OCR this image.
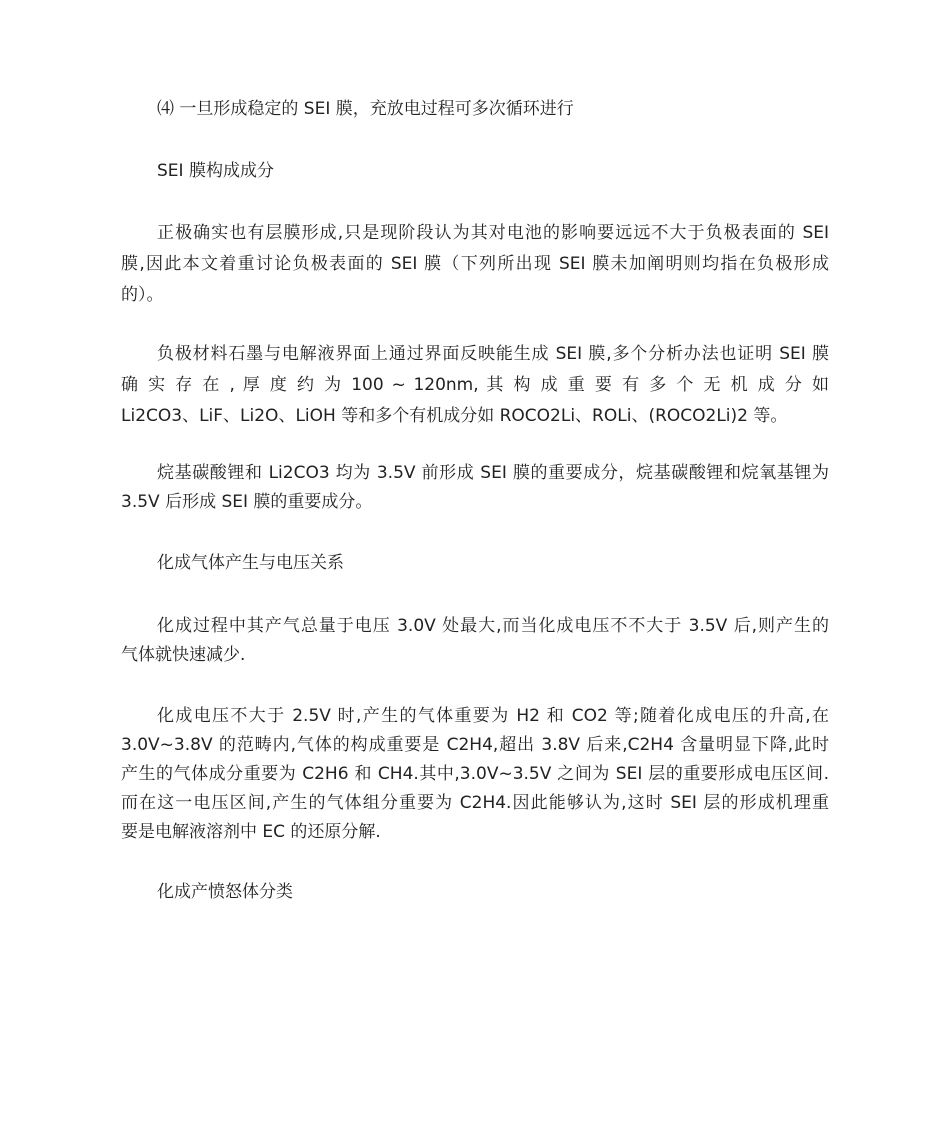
⑷ 一旦形成稳定的 SEI 膜，充放电过程可多次循环进行
SEI 膜构成成分
正极确实也有层膜形成,只是现阶段认为其对电池的影响要远远不大于负极表面的 SEI
膜,因此本文着重讨论负极表面的 SEI 膜（下列所出现 SEI 膜未加阐明则均指在负极形成
的）。
负极材料石墨与电解液界面上通过界面反映能生成 SEI 膜,多个分析办法也证明 SEI 膜
确 实 存 在 , 厚 度 约 为 100 ~ 120nm, 其 构 成 重 要 有 多 个 无 机 成 分 如
Li2CO3、LiF、Li2O、LiOH 等和多个有机成分如 ROCO2Li、ROLi、(ROCO2Li)2 等。
烷基碳酸锂和 Li2CO3 均为 3.5V 前形成 SEI 膜的重要成分，烷基碳酸锂和烷氧基锂为
3.5V 后形成 SEI 膜的重要成分。
化成气体产生与电压关系
化成过程中其产气总量于电压 3.0V 处最大,而当化成电压不不大于 3.5V 后,则产生的
气体就快速减少.
化成电压不大于 2.5V 时,产生的气体重要为 H2 和 CO2 等;随着化成电压的升高,在
3.0V~3.8V 的范畴内,气体的构成重要是 C2H4,超出 3.8V 后来,C2H4 含量明显下降,此时
产生的气体成分重要为 C2H6 和 CH4.其中,3.0V~3.5V 之间为 SEI 层的重要形成电压区间.
而在这一电压区间,产生的气体组分重要为 C2H4.因此能够认为,这时 SEI 层的形成机理重
要是电解液溶剂中 EC 的还原分解.
化成产愤怒体分类
